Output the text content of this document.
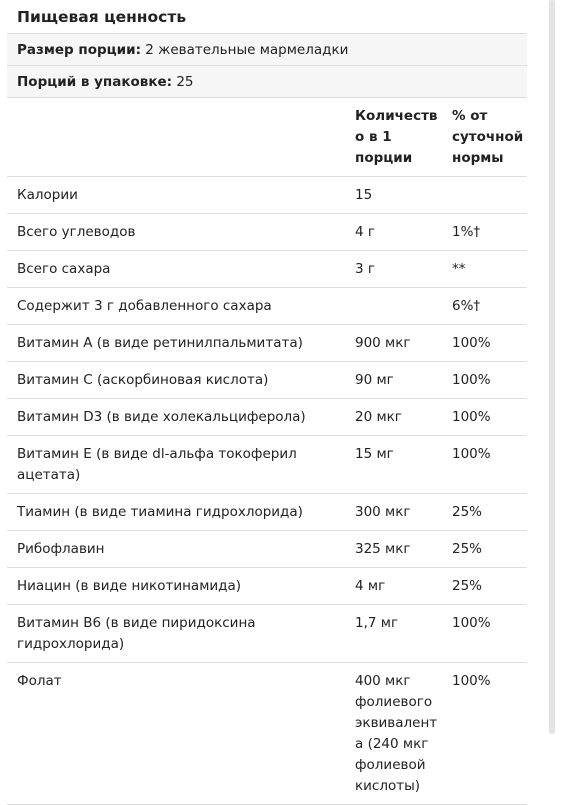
Пищевая ценность
Размер порции: 2 жевательные мармеладки
Порций в упаковке: 25
	Количество в 1 порции	% от суточной нормы
Калории	15	
Всего углеводов	4 г	1%†
Всего сахара	3 г	**
Содержит 3 г добавленного сахара		6%†
Витамин А (в виде ретинилпальмитата)	900 мкг	100%
Витамин С (аскорбиновая кислота)	90 мг	100%
Витамин D3 (в виде холекальциферола)	20 мкг	100%
Витамин E (в виде dl-альфа токоферил ацетата)	15 мг	100%
Тиамин (в виде тиамина гидрохлорида)	300 мкг	25%
Рибофлавин	325 мкг	25%
Ниацин (в виде никотинамида)	4 мг	25%
Витамин B6 (в виде пиридоксина гидрохлорида)	1,7 мг	100%
Фолат	400 мкг фолиевого эквивалента (240 мкг фолиевой кислоты)	100%
